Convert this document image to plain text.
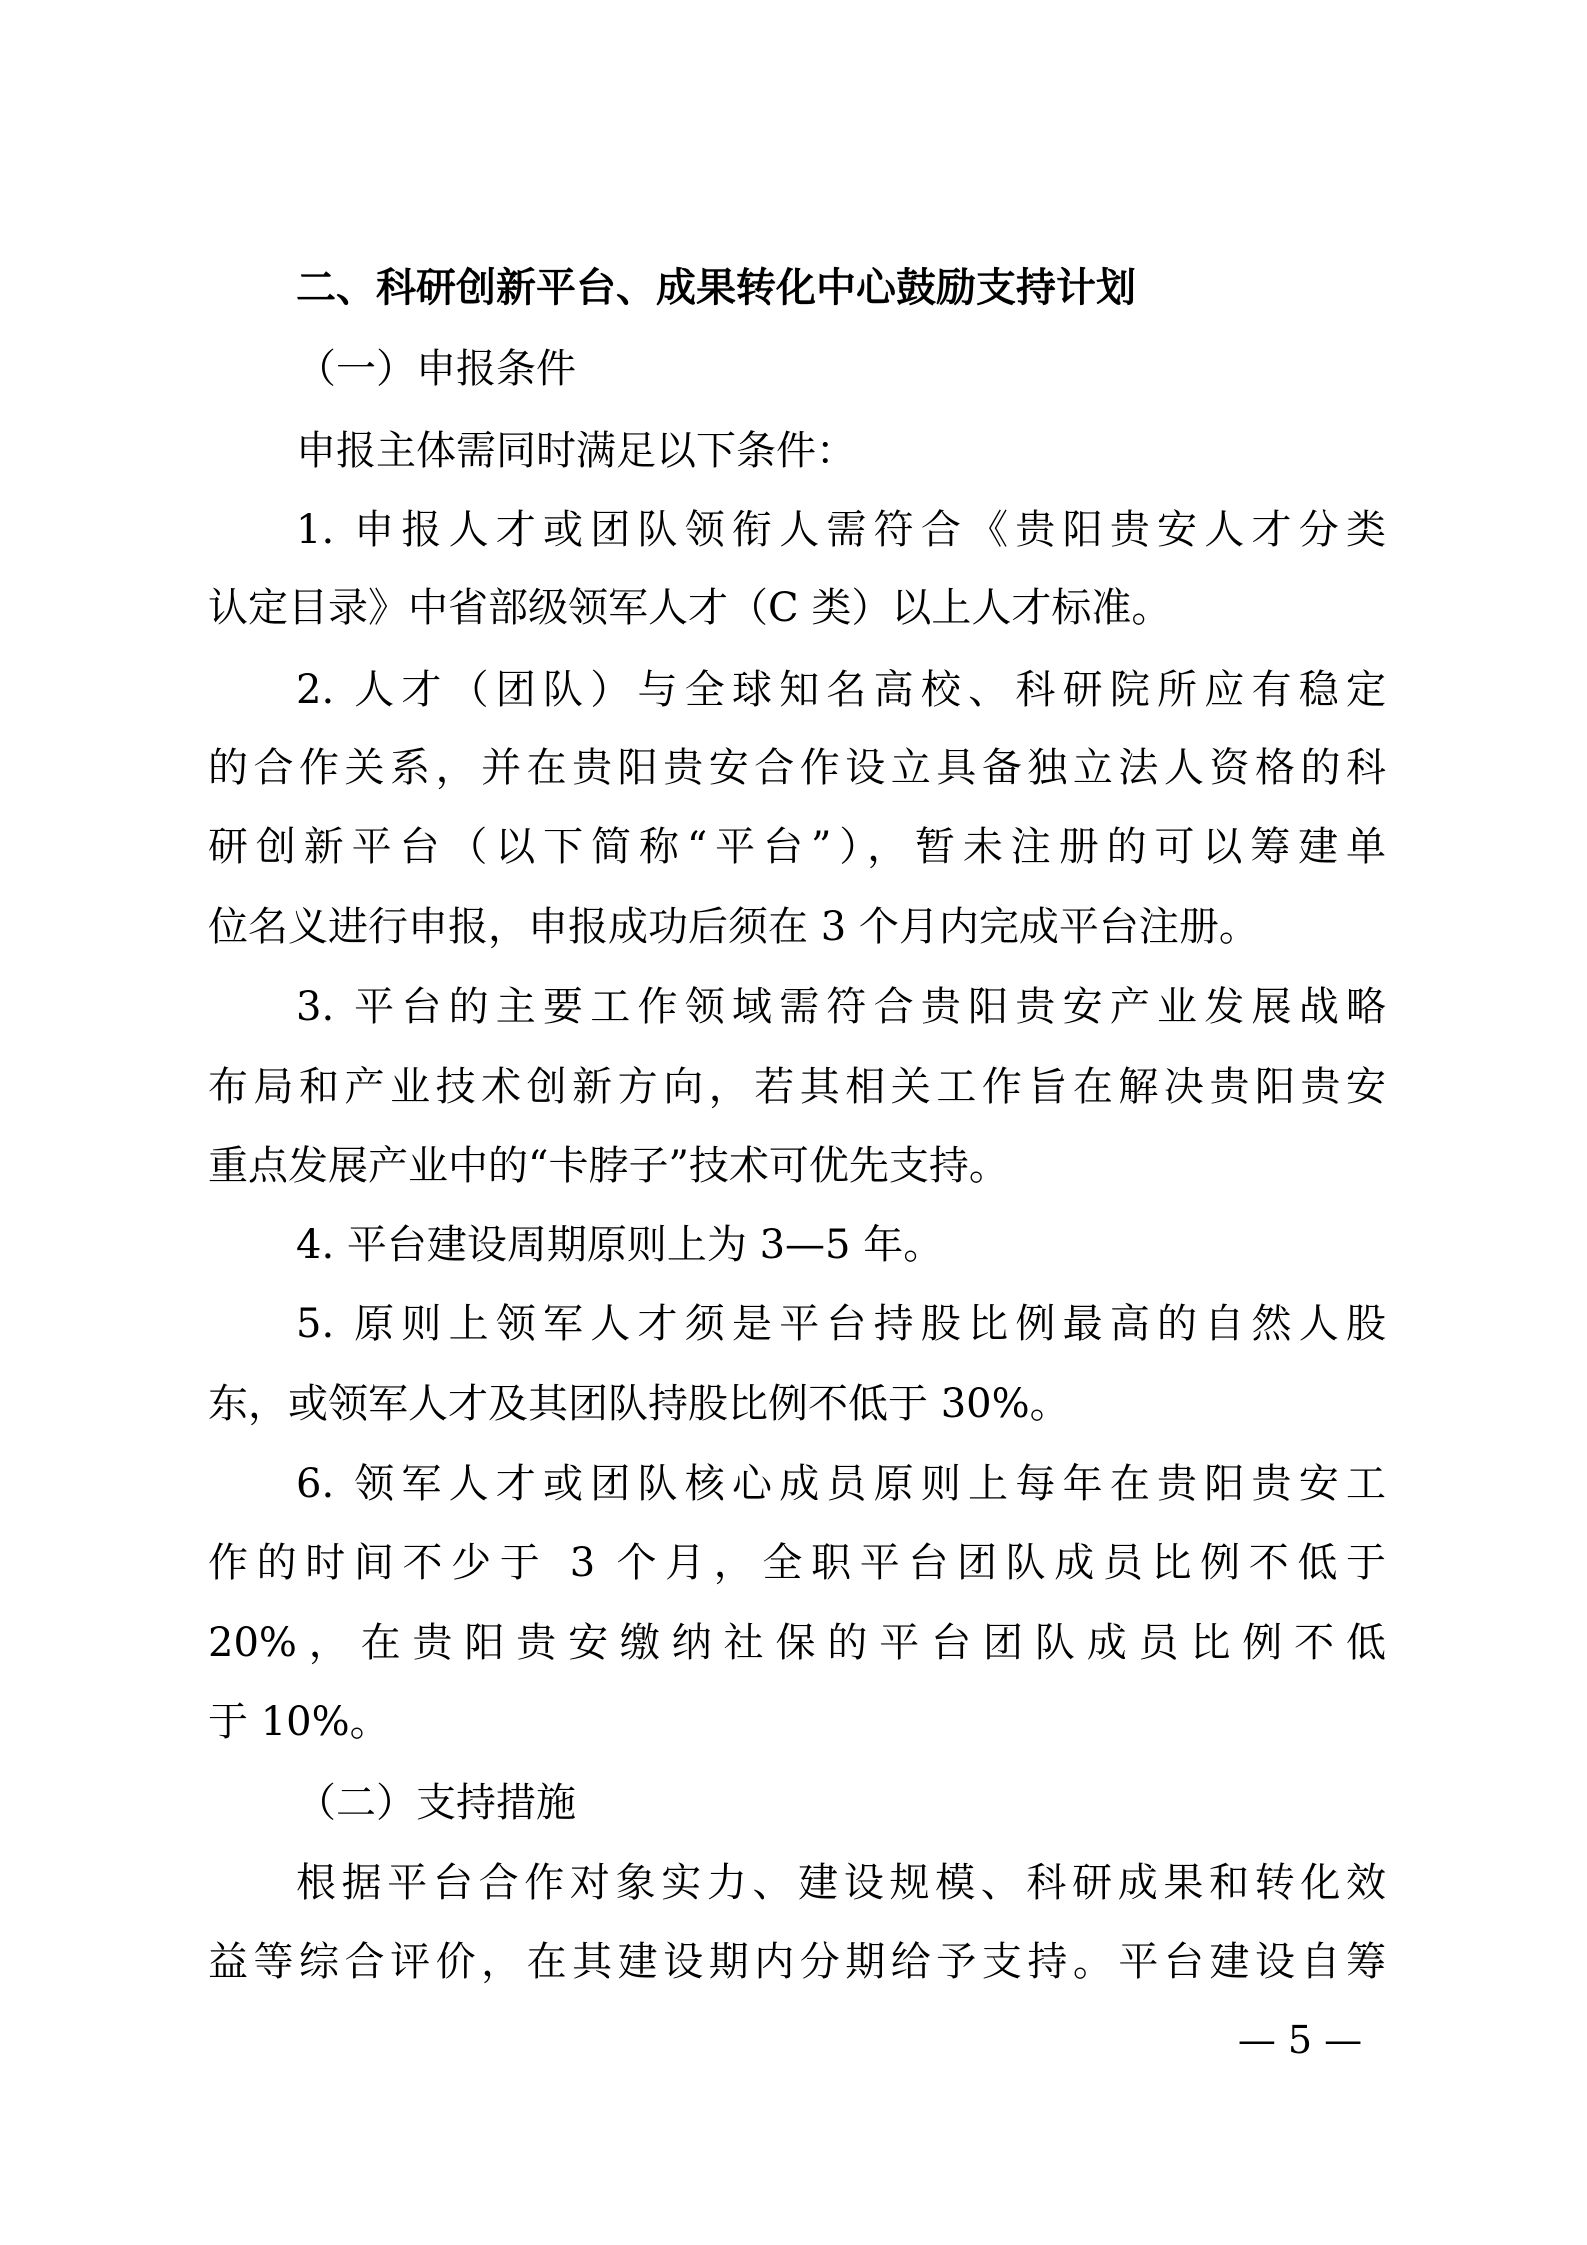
二、科研创新平台、成果转化中心鼓励支持计划
（一）申报条件
申报主体需同时满足以下条件：
1. 申报人才或团队领衔人需符合《贵阳贵安人才分类
认定目录》中省部级领军人才（C 类）以上人才标准。
2. 人才（团队）与全球知名高校、科研院所应有稳定
的合作关系，并在贵阳贵安合作设立具备独立法人资格的科
研创新平台（以下简称“平台”），暂未注册的可以筹建单
位名义进行申报，申报成功后须在 3 个月内完成平台注册。
3. 平台的主要工作领域需符合贵阳贵安产业发展战略
布局和产业技术创新方向，若其相关工作旨在解决贵阳贵安
重点发展产业中的“卡脖子”技术可优先支持。
4. 平台建设周期原则上为 3—5 年。
5. 原则上领军人才须是平台持股比例最高的自然人股
东，或领军人才及其团队持股比例不低于 30%。
6. 领军人才或团队核心成员原则上每年在贵阳贵安工
作的时间不少于 3 个月，全职平台团队成员比例不低于
20%，在贵阳贵安缴纳社保的平台团队成员比例不低
于 10%。
（二）支持措施
根据平台合作对象实力、建设规模、科研成果和转化效
益等综合评价，在其建设期内分期给予支持。平台建设自筹
— 5 —
